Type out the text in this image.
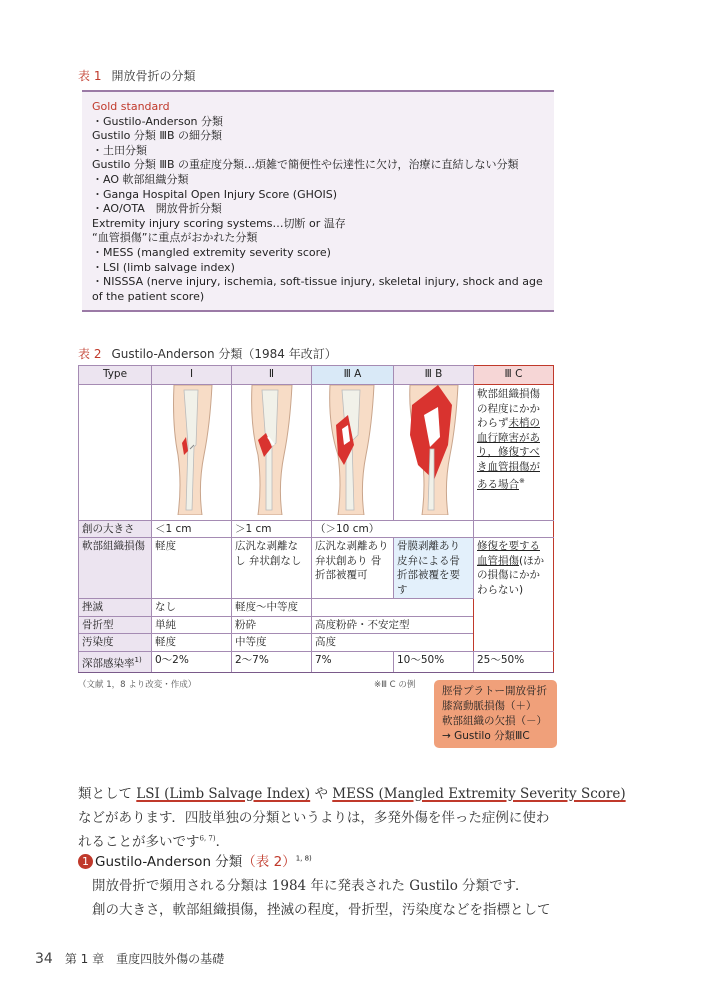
表 1 開放骨折の分類
Gold standard
・Gustilo-Anderson 分類
Gustilo 分類 ⅢB の細分類
・土田分類
Gustilo 分類 ⅢB の重症度分類…煩雑で簡便性や伝達性に欠け，治療に直結しない分類
・AO 軟部組織分類
・Ganga Hospital Open Injury Score (GHOIS)
・AO/OTA　開放骨折分類
Extremity injury scoring systems…切断 or 温存
“血管損傷”に重点がおかれた分類
・MESS (mangled extremity severity score)
・LSI (limb salvage index)
・NISSSA (nerve injury, ischemia, soft-tissue injury, skeletal injury, shock and age of the patient score)
表 2 Gustilo-Anderson 分類（1984 年改訂）
Type	Ⅰ	Ⅱ	Ⅲ A	Ⅲ B	Ⅲ C
					軟部組織損傷の程度にかかわらず未梢の血行障害があり，修復すべき血管損傷がある場合※
創の大きさ	＜1 cm	＞1 cm	（＞10 cm）		
軟部組織損傷	軽度	広汎な剥離なし 弁状創なし	広汎な剥離あり 弁状創あり 骨折部被覆可	骨膜剥離あり 皮弁による骨折部被覆を要す	修復を要する血管損傷(ほかの損傷にかかわらない)
挫滅	なし	軽度～中等度			
骨折型	単純	粉砕	高度粉砕・不安定型		
汚染度	軽度	中等度	高度		
深部感染率$^{1)}$	0～2%	2～7%	7%	10～50%	25～50%
（文献 1，8 より改変・作成）	※Ⅲ C の例	脛骨プラトー開放骨折
膝窩動脈損傷（＋）
軟部組織の欠損（－）
→ Gustilo 分類ⅢC
類として LSI (Limb Salvage Index) や MESS (Mangled Extremity Severity Score)
などがあります．四肢単独の分類というよりは，多発外傷を伴った症例に使わ
れることが多いです$^{6, 7)}$．
1 Gustilo-Anderson 分類（表 2）$^{1, 8)}$
開放骨折で頻用される分類は 1984 年に発表された Gustilo 分類です．
創の大きさ，軟部組織損傷，挫滅の程度，骨折型，汚染度などを指標として
34 第 1 章　重度四肢外傷の基礎
